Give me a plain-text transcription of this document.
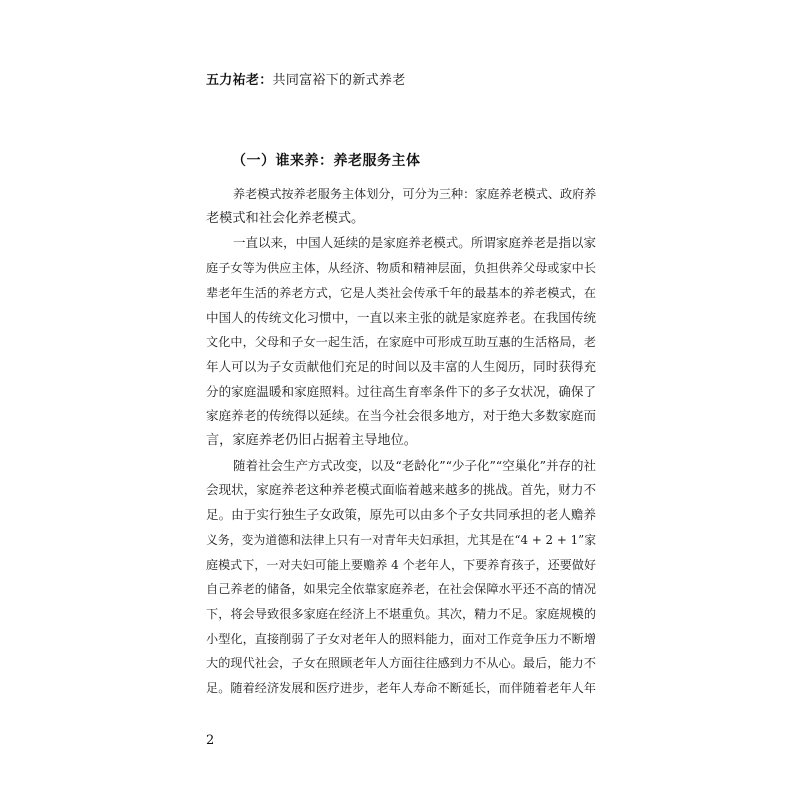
五力祐老：共同富裕下的新式养老
（一）谁来养：养老服务主体

养老模式按养老服务主体划分，可分为三种：家庭养老模式、政府养
老模式和社会化养老模式。

一直以来，中国人延续的是家庭养老模式。所谓家庭养老是指以家
庭子女等为供应主体，从经济、物质和精神层面，负担供养父母或家中长
辈老年生活的养老方式，它是人类社会传承千年的最基本的养老模式，在
中国人的传统文化习惯中，一直以来主张的就是家庭养老。在我国传统
文化中，父母和子女一起生活，在家庭中可形成互助互惠的生活格局，老
年人可以为子女贡献他们充足的时间以及丰富的人生阅历，同时获得充
分的家庭温暖和家庭照料。过往高生育率条件下的多子女状况，确保了
家庭养老的传统得以延续。在当今社会很多地方，对于绝大多数家庭而
言，家庭养老仍旧占据着主导地位。

随着社会生产方式改变，以及“老龄化”“少子化”“空巢化”并存的社
会现状，家庭养老这种养老模式面临着越来越多的挑战。首先，财力不
足。由于实行独生子女政策，原先可以由多个子女共同承担的老人赡养
义务，变为道德和法律上只有一对青年夫妇承担，尤其是在“4 + 2 + 1”家
庭模式下，一对夫妇可能上要赡养 4 个老年人，下要养育孩子，还要做好
自己养老的储备，如果完全依靠家庭养老，在社会保障水平还不高的情况
下，将会导致很多家庭在经济上不堪重负。其次，精力不足。家庭规模的
小型化，直接削弱了子女对老年人的照料能力，面对工作竞争压力不断增
大的现代社会，子女在照顾老年人方面往往感到力不从心。最后，能力不
足。随着经济发展和医疗进步，老年人寿命不断延长，而伴随着老年人年

2
